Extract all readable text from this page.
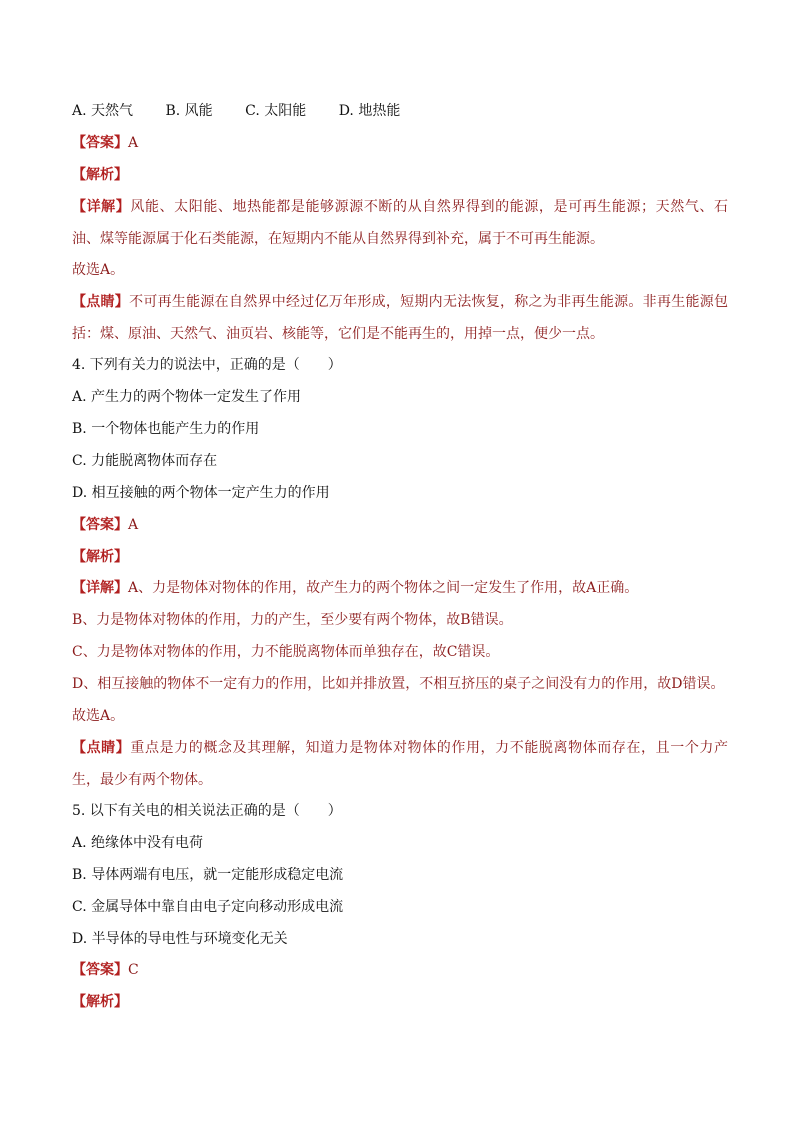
A. 天然气 B. 风能 C. 太阳能 D. 地热能
【答案】A
【解析】
【详解】风能、太阳能、地热能都是能够源源不断的从自然界得到的能源，是可再生能源；天然气、石油、煤等能源属于化石类能源，在短期内不能从自然界得到补充，属于不可再生能源。
故选A。
【点睛】不可再生能源在自然界中经过亿万年形成，短期内无法恢复，称之为非再生能源。非再生能源包括：煤、原油、天然气、油页岩、核能等，它们是不能再生的，用掉一点，便少一点。
4. 下列有关力的说法中，正确的是（　　）
A. 产生力的两个物体一定发生了作用
B. 一个物体也能产生力的作用
C. 力能脱离物体而存在
D. 相互接触的两个物体一定产生力的作用
【答案】A
【解析】
【详解】A、力是物体对物体的作用，故产生力的两个物体之间一定发生了作用，故A正确。
B、力是物体对物体的作用，力的产生，至少要有两个物体，故B错误。
C、力是物体对物体的作用，力不能脱离物体而单独存在，故C错误。
D、相互接触的物体不一定有力的作用，比如并排放置，不相互挤压的桌子之间没有力的作用，故D错误。
故选A。
【点睛】重点是力的概念及其理解，知道力是物体对物体的作用，力不能脱离物体而存在，且一个力产生，最少有两个物体。
5. 以下有关电的相关说法正确的是（　　）
A. 绝缘体中没有电荷
B. 导体两端有电压，就一定能形成稳定电流
C. 金属导体中靠自由电子定向移动形成电流
D. 半导体的导电性与环境变化无关
【答案】C
【解析】
